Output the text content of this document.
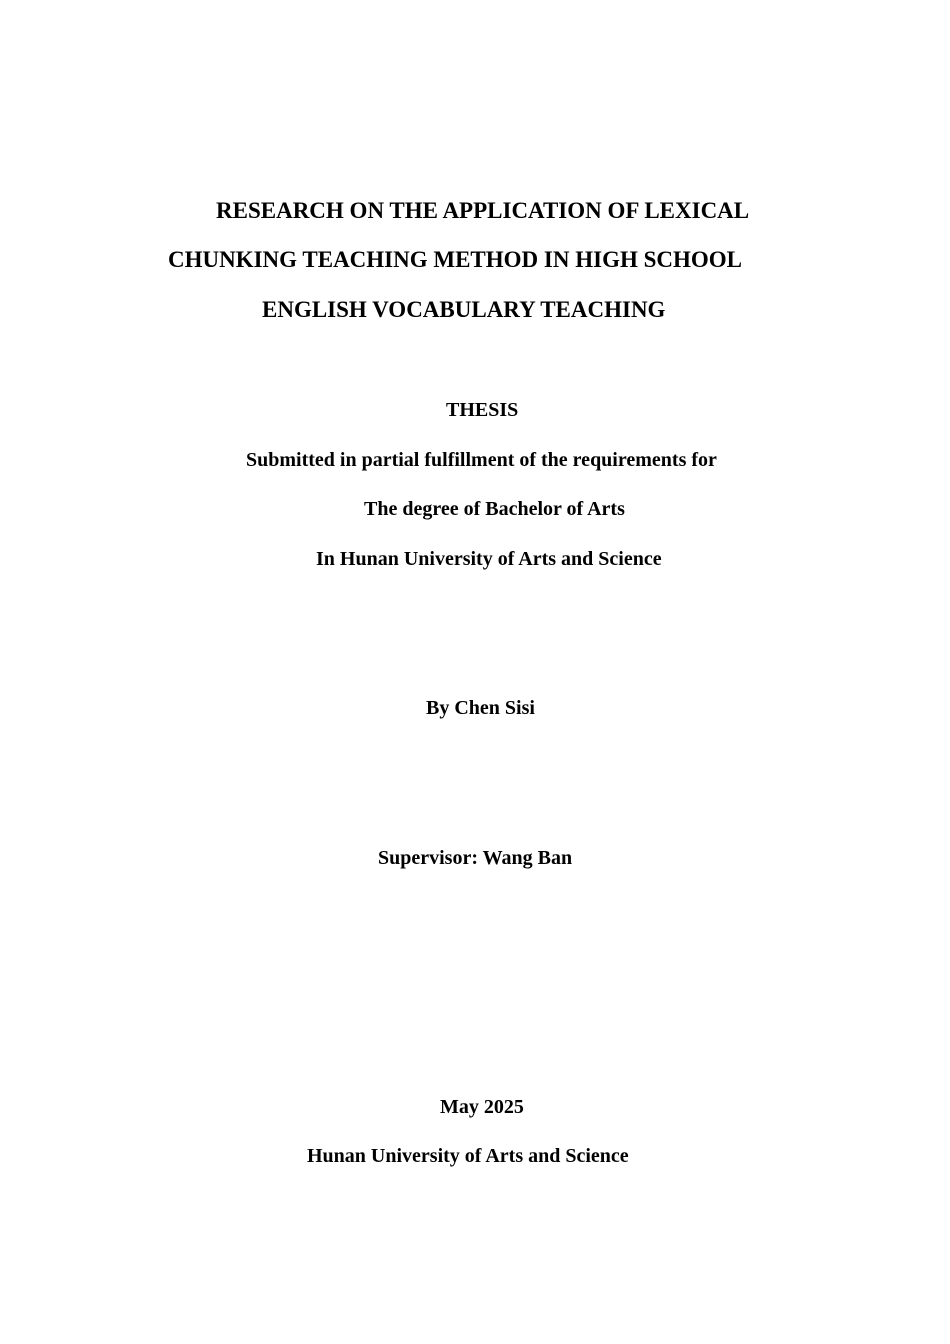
RESEARCH ON THE APPLICATION OF LEXICAL
CHUNKING TEACHING METHOD IN HIGH SCHOOL
ENGLISH VOCABULARY TEACHING
THESIS
Submitted in partial fulfillment of the requirements for
The degree of Bachelor of Arts
In Hunan University of Arts and Science
By Chen Sisi
Supervisor: Wang Ban
May 2025
Hunan University of Arts and Science
